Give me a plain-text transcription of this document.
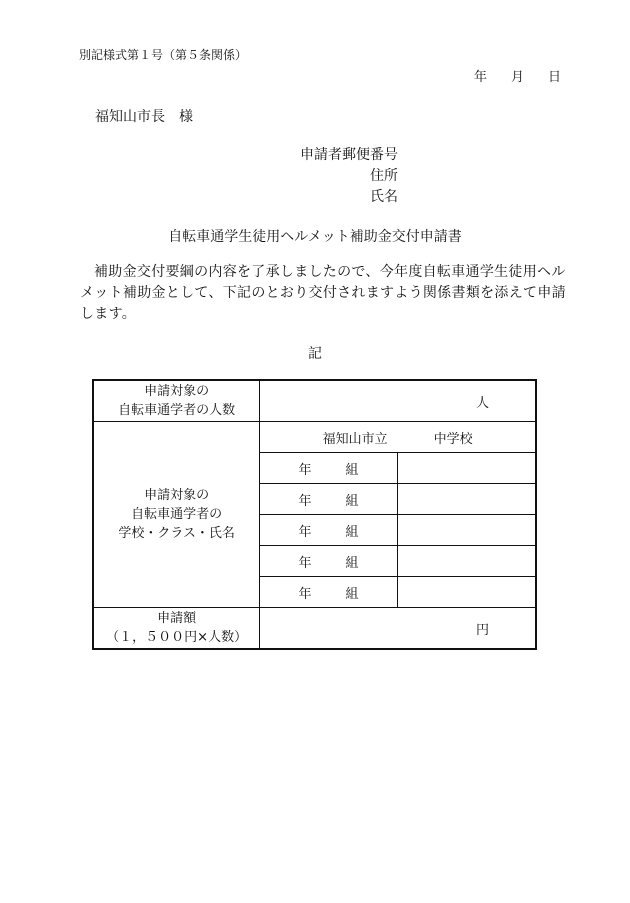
別記様式第１号（第５条関係）
年 月 日
福知山市長　様
申請者郵便番号
住所
氏名
自転車通学生徒用ヘルメット補助金交付申請書

補助金交付要綱の内容を了承しましたので、今年度自転車通学生徒用ヘルメット補助金として、下記のとおり交付されますよう関係書類を添えて申請します。

記
申請対象の
自転車通学者の人数	人	

申請対象の
自転車通学者の
学校・クラス・氏名	福知山市立 中学校	
	年 組	
	年 組	
	年 組	
	年 組	
	年 組	

申請額
（１，５００円×人数）	円	
